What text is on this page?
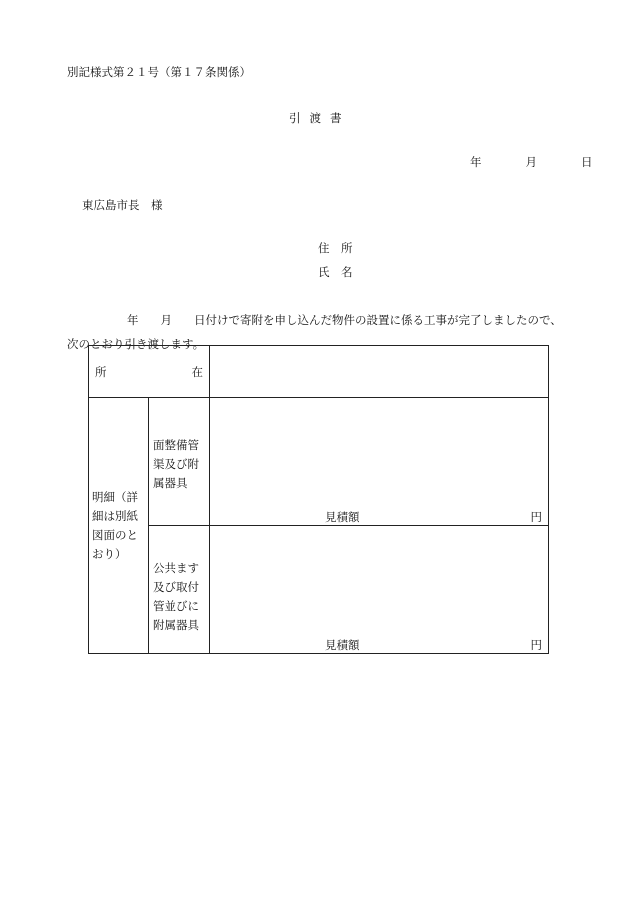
別記様式第２１号（第１７条関係）
引渡書
年	月	日
東広島市長　様
住　所
氏　名
年 月 日付けで寄附を申し込んだ物件の設置に係る工事が完了しましたので、次のとおり引き渡します。
所 在		

明細（詳細は別紙図面のとおり）	面整備管渠及び附属器具	見積額 円

	公共ます及び取付管並びに附属器具	見積額 円
